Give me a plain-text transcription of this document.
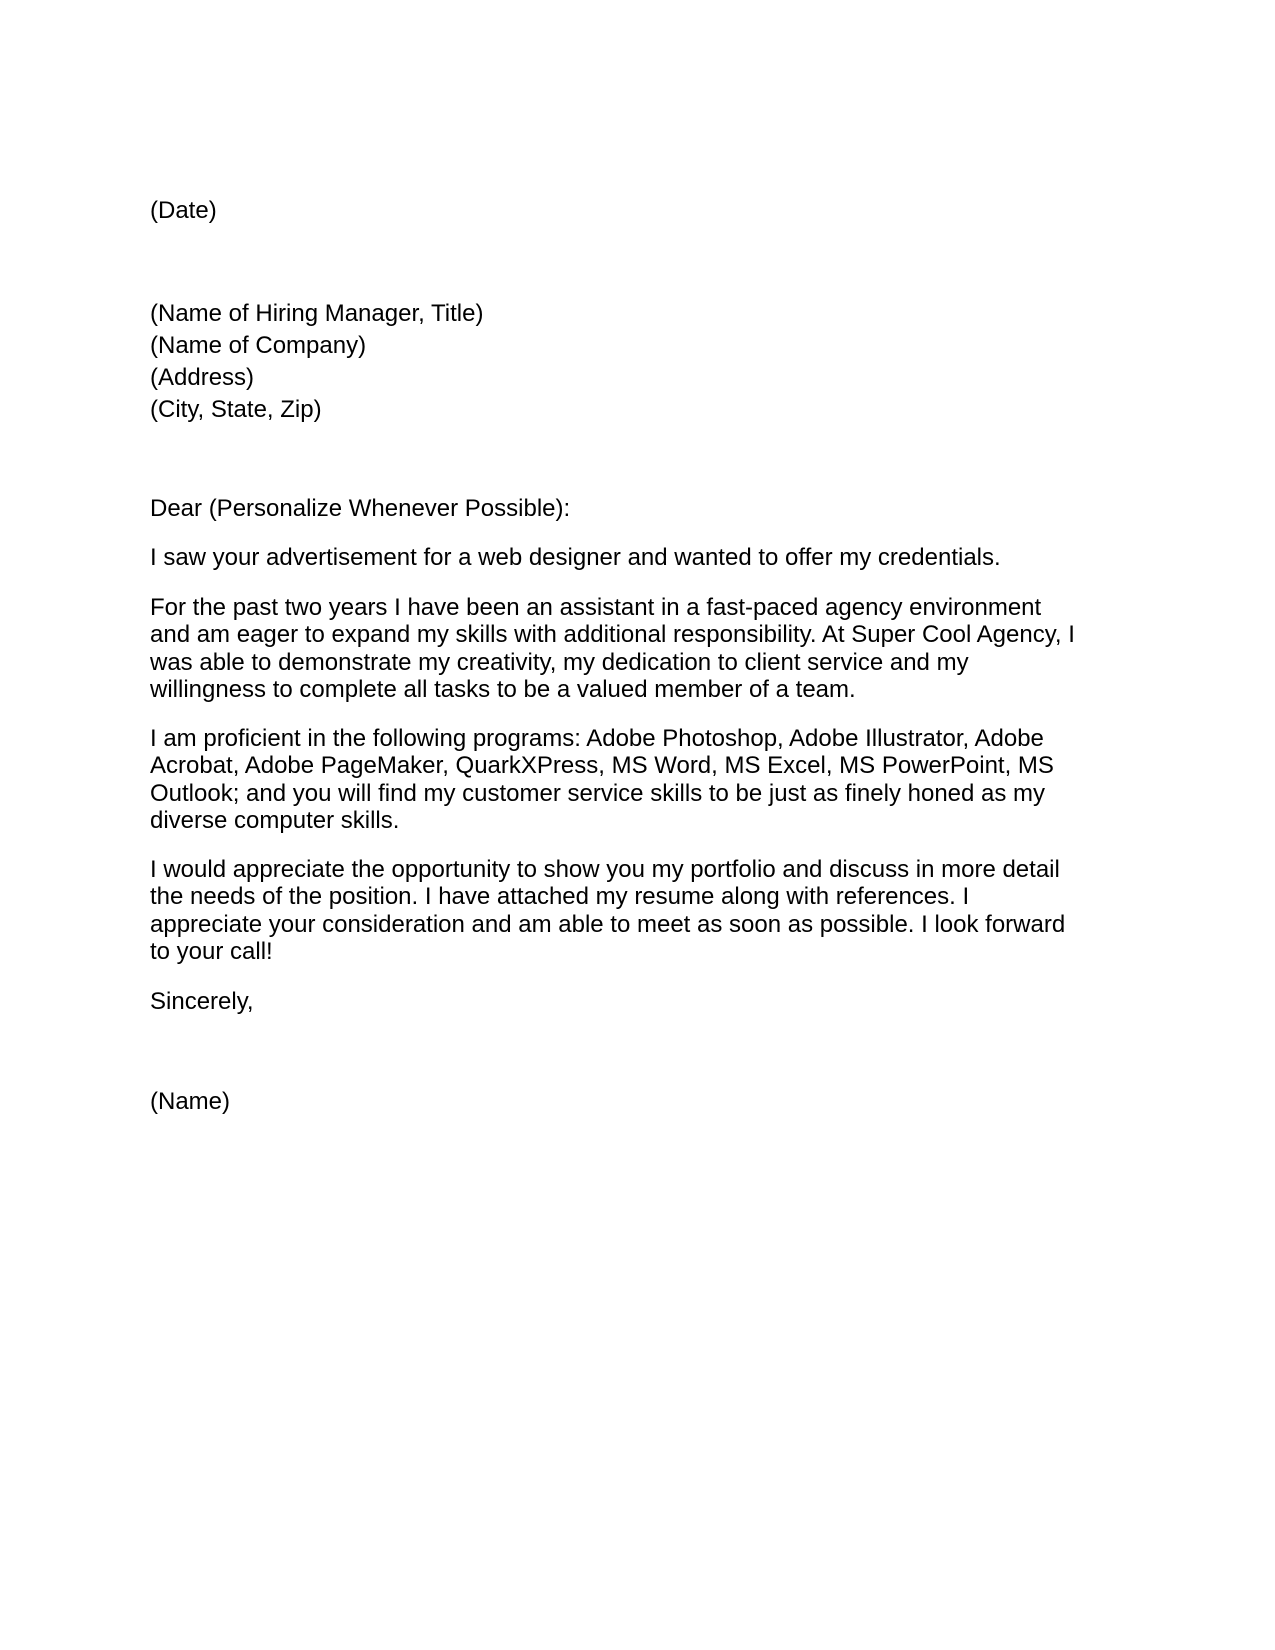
(Date)

(Name of Hiring Manager, Title)
(Name of Company)
(Address)
(City, State, Zip)

Dear (Personalize Whenever Possible):

I saw your advertisement for a web designer and wanted to offer my credentials.

For the past two years I have been an assistant in a fast-paced agency environment
and am eager to expand my skills with additional responsibility. At Super Cool Agency, I
was able to demonstrate my creativity, my dedication to client service and my
willingness to complete all tasks to be a valued member of a team.

I am proficient in the following programs: Adobe Photoshop, Adobe Illustrator, Adobe
Acrobat, Adobe PageMaker, QuarkXPress, MS Word, MS Excel, MS PowerPoint, MS
Outlook; and you will find my customer service skills to be just as finely honed as my
diverse computer skills.

I would appreciate the opportunity to show you my portfolio and discuss in more detail
the needs of the position. I have attached my resume along with references. I
appreciate your consideration and am able to meet as soon as possible. I look forward
to your call!

Sincerely,

(Name)
